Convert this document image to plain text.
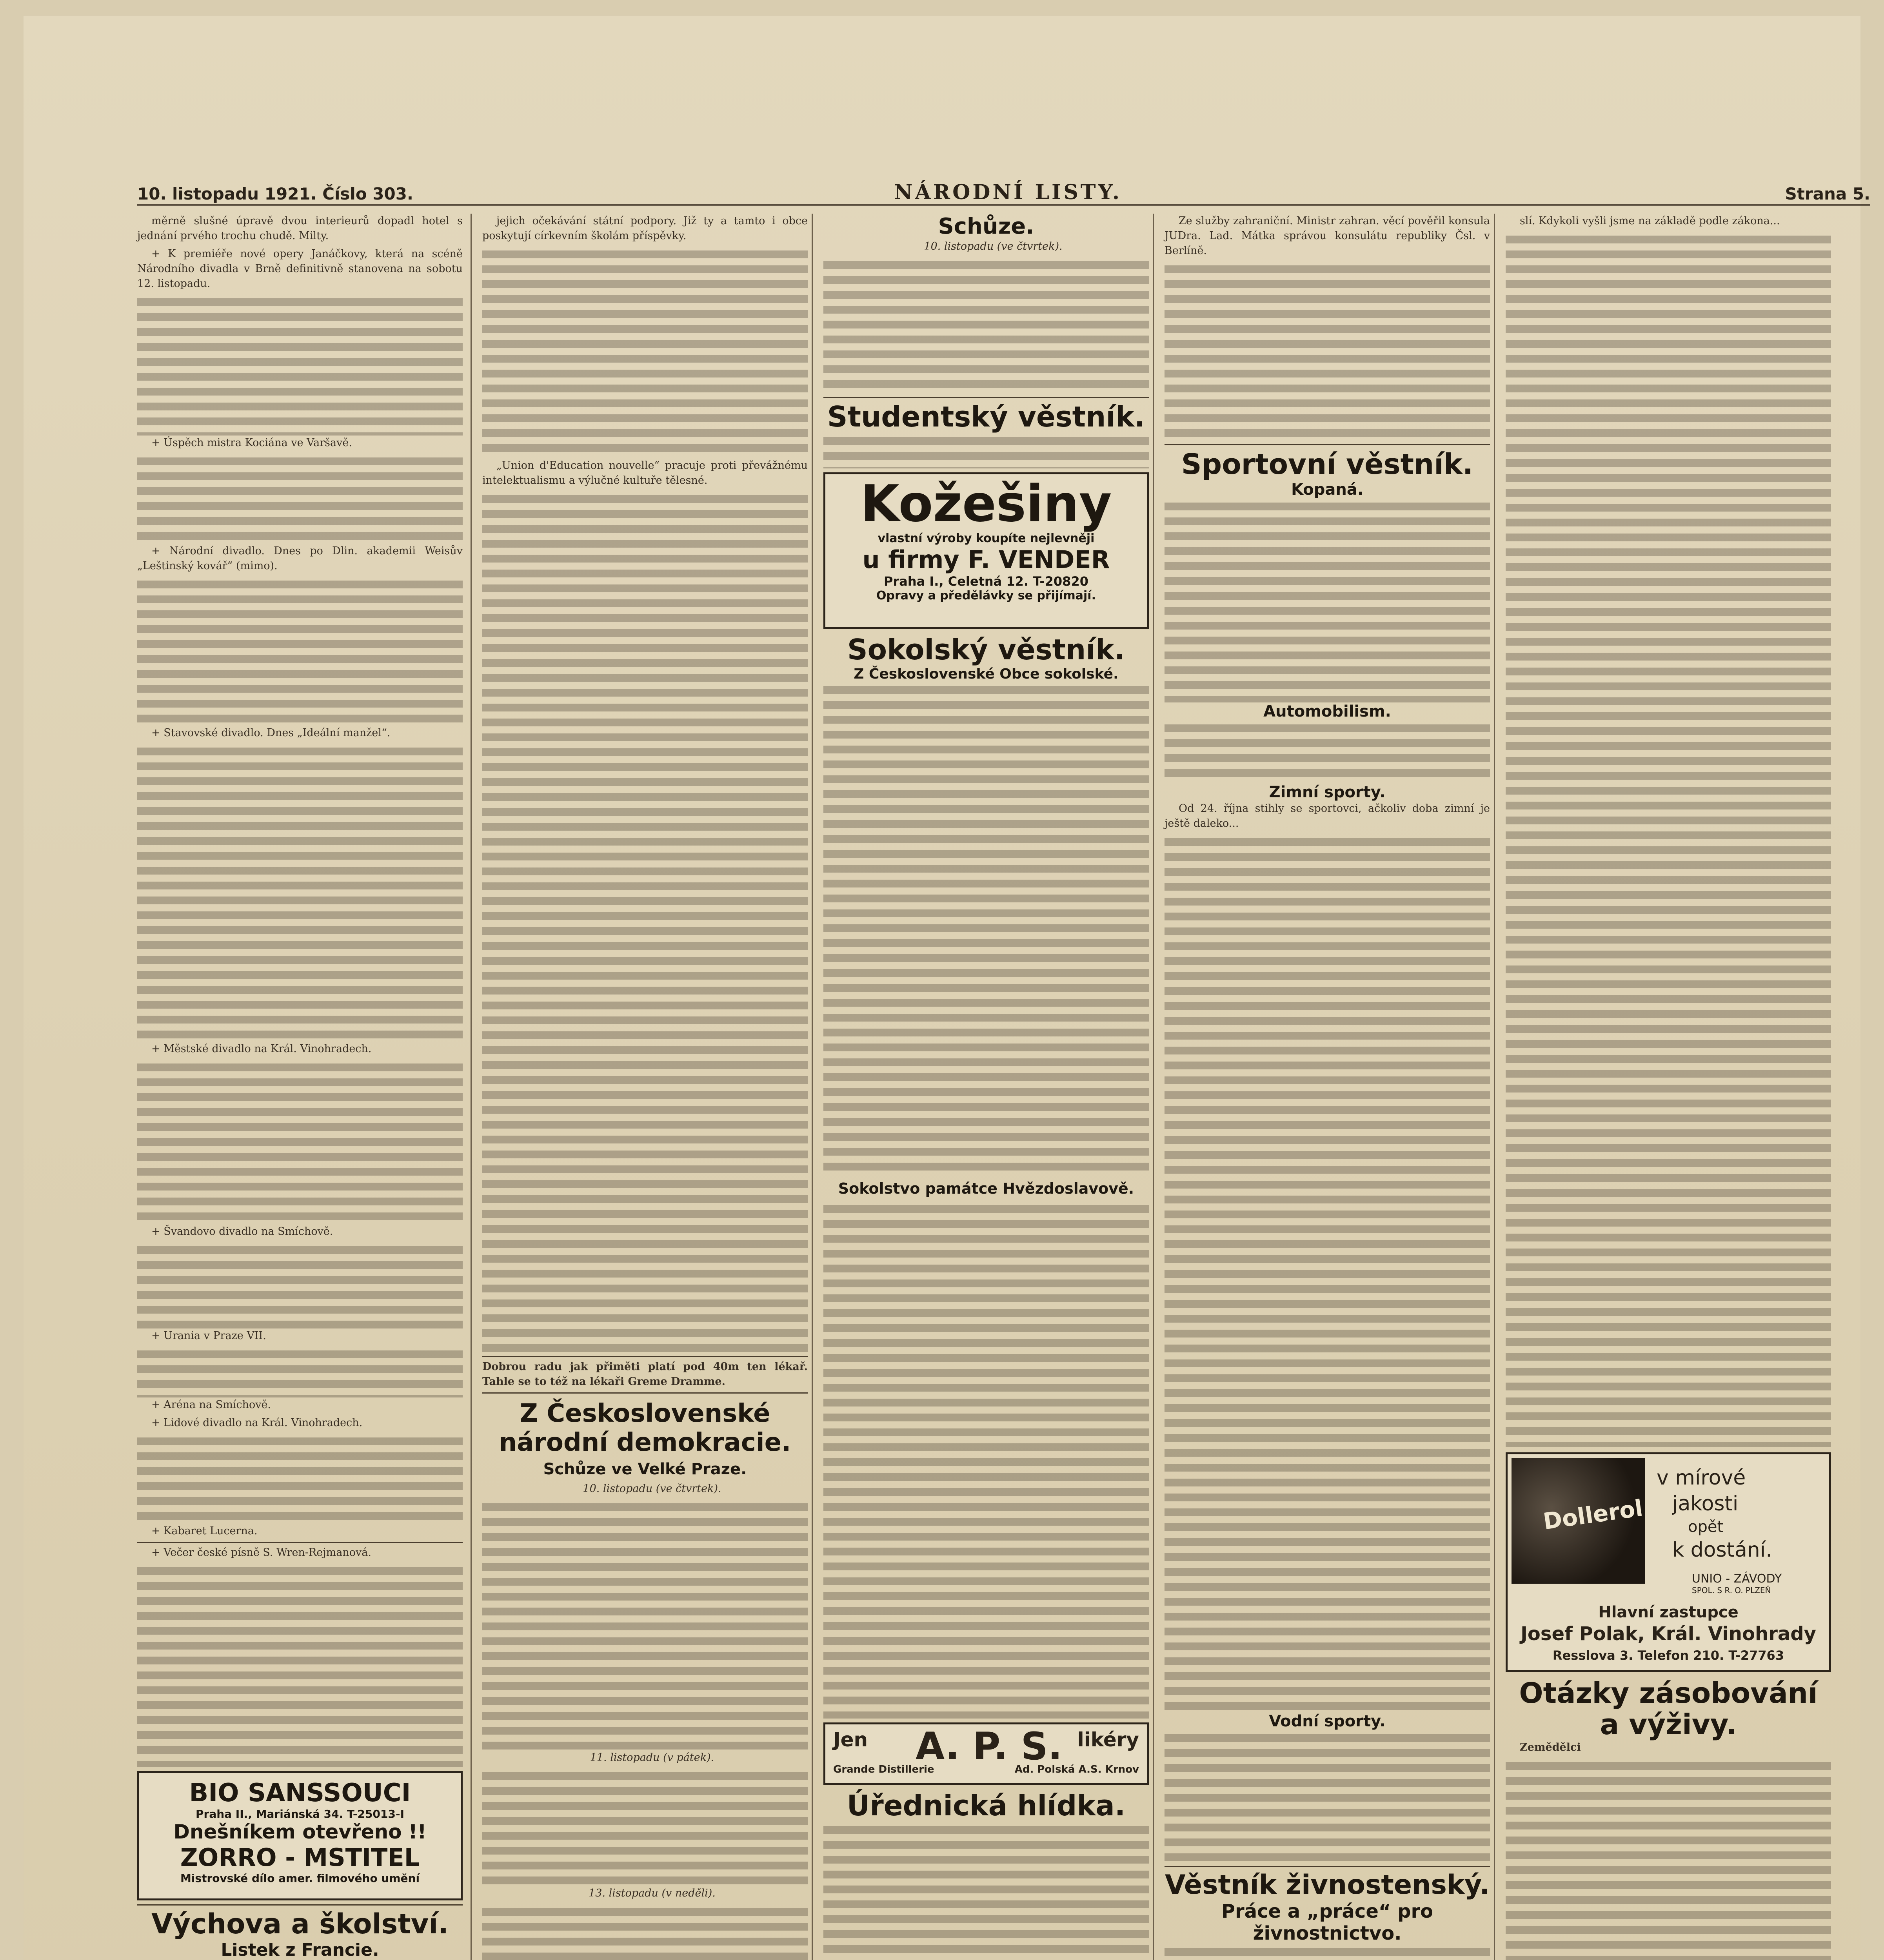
10. listopadu 1921. Číslo 303.	NÁRODNÍ LISTY.	Strana 5.

měrně slušné úpravě dvou interieurů dopadl hotel s jednání prvého trochu chudě. Milty.

+ K premiéře nové opery Janáčkovy, která na scéně Národního divadla v Brně definitivně stanovena na sobotu 12. listopadu.

+ Úspěch mistra Kociána ve Varšavě.

+ Národní divadlo. Dnes po Dlin. akademii Weisův „Leštinský kovář“ (mimo).

+ Stavovské divadlo. Dnes „Ideální manžel“.

+ Městské divadlo na Král. Vinohradech.

+ Švandovo divadlo na Smíchově.

+ Urania v Praze VII.

+ Aréna na Smíchově.

+ Lidové divadlo na Král. Vinohradech.

+ Kabaret Lucerna.

+ Večer české písně S. Wren-Rejmanová.

BIO SANSSOUCI
Praha II., Mariánská 34. T-25013-I
Dnešníkem otevřeno !!
ZORRO - MSTITEL
Mistrovské dílo amer. filmového umění
Výchova a školství.
Listek z Francie.

jejich očekávání státní podpory. Již ty a tamto i obce poskytují církevním školám příspěvky.

„Union d'Education nouvelle“ pracuje proti převážnému intelektualismu a výlučné kultuře tělesné.

Dobrou radu jak přiměti platí pod 40m ten lékař. Tahle se to též na lékaři Greme Dramme.

Z Československé národní demokracie.
Schůze ve Velké Praze.

10. listopadu (ve čtvrtek).

11. listopadu (v pátek).

13. listopadu (v neděli).

Schůze.

10. listopadu (ve čtvrtek).

Studentský věstník.
Kožešiny
vlastní výroby koupíte nejlevněji
u firmy F. VENDER
Praha I., Celetná 12. T-20820
Opravy a předělávky se přijímají.
Sokolský věstník.
Z Československé Obce sokolské.
Sokolstvo památce Hvězdoslavově.
Jen A. P. S. likéry
Grande Distillerie	Ad. Polská A.S. Krnov
Úřednická hlídka.

Ze služby zahraniční. Ministr zahran. věcí pověřil konsula JUDra. Lad. Mátka správou konsulátu republiky Čsl. v Berlíně.

Sportovní věstník.
Kopaná.
Automobilism.
Zimní sporty.

Od 24. října stihly se sportovci, ačkoliv doba zimní je ještě daleko...

Vodní sporty.
Věstník živnostenský.
Práce a „práce“ pro živnostnictvo.

slí. Kdykoli vyšli jsme na základě podle zákona...

Dollerol
v mírové
jakosti
opět
k dostání.
UNIO - ZÁVODY
SPOL. S R. O. PLZEŇ
Hlavní zastupce
Josef Polak, Král. Vinohrady
Resslova 3. Telefon 210. T-27763
Otázky zásobování a výživy.

Zemědělci
